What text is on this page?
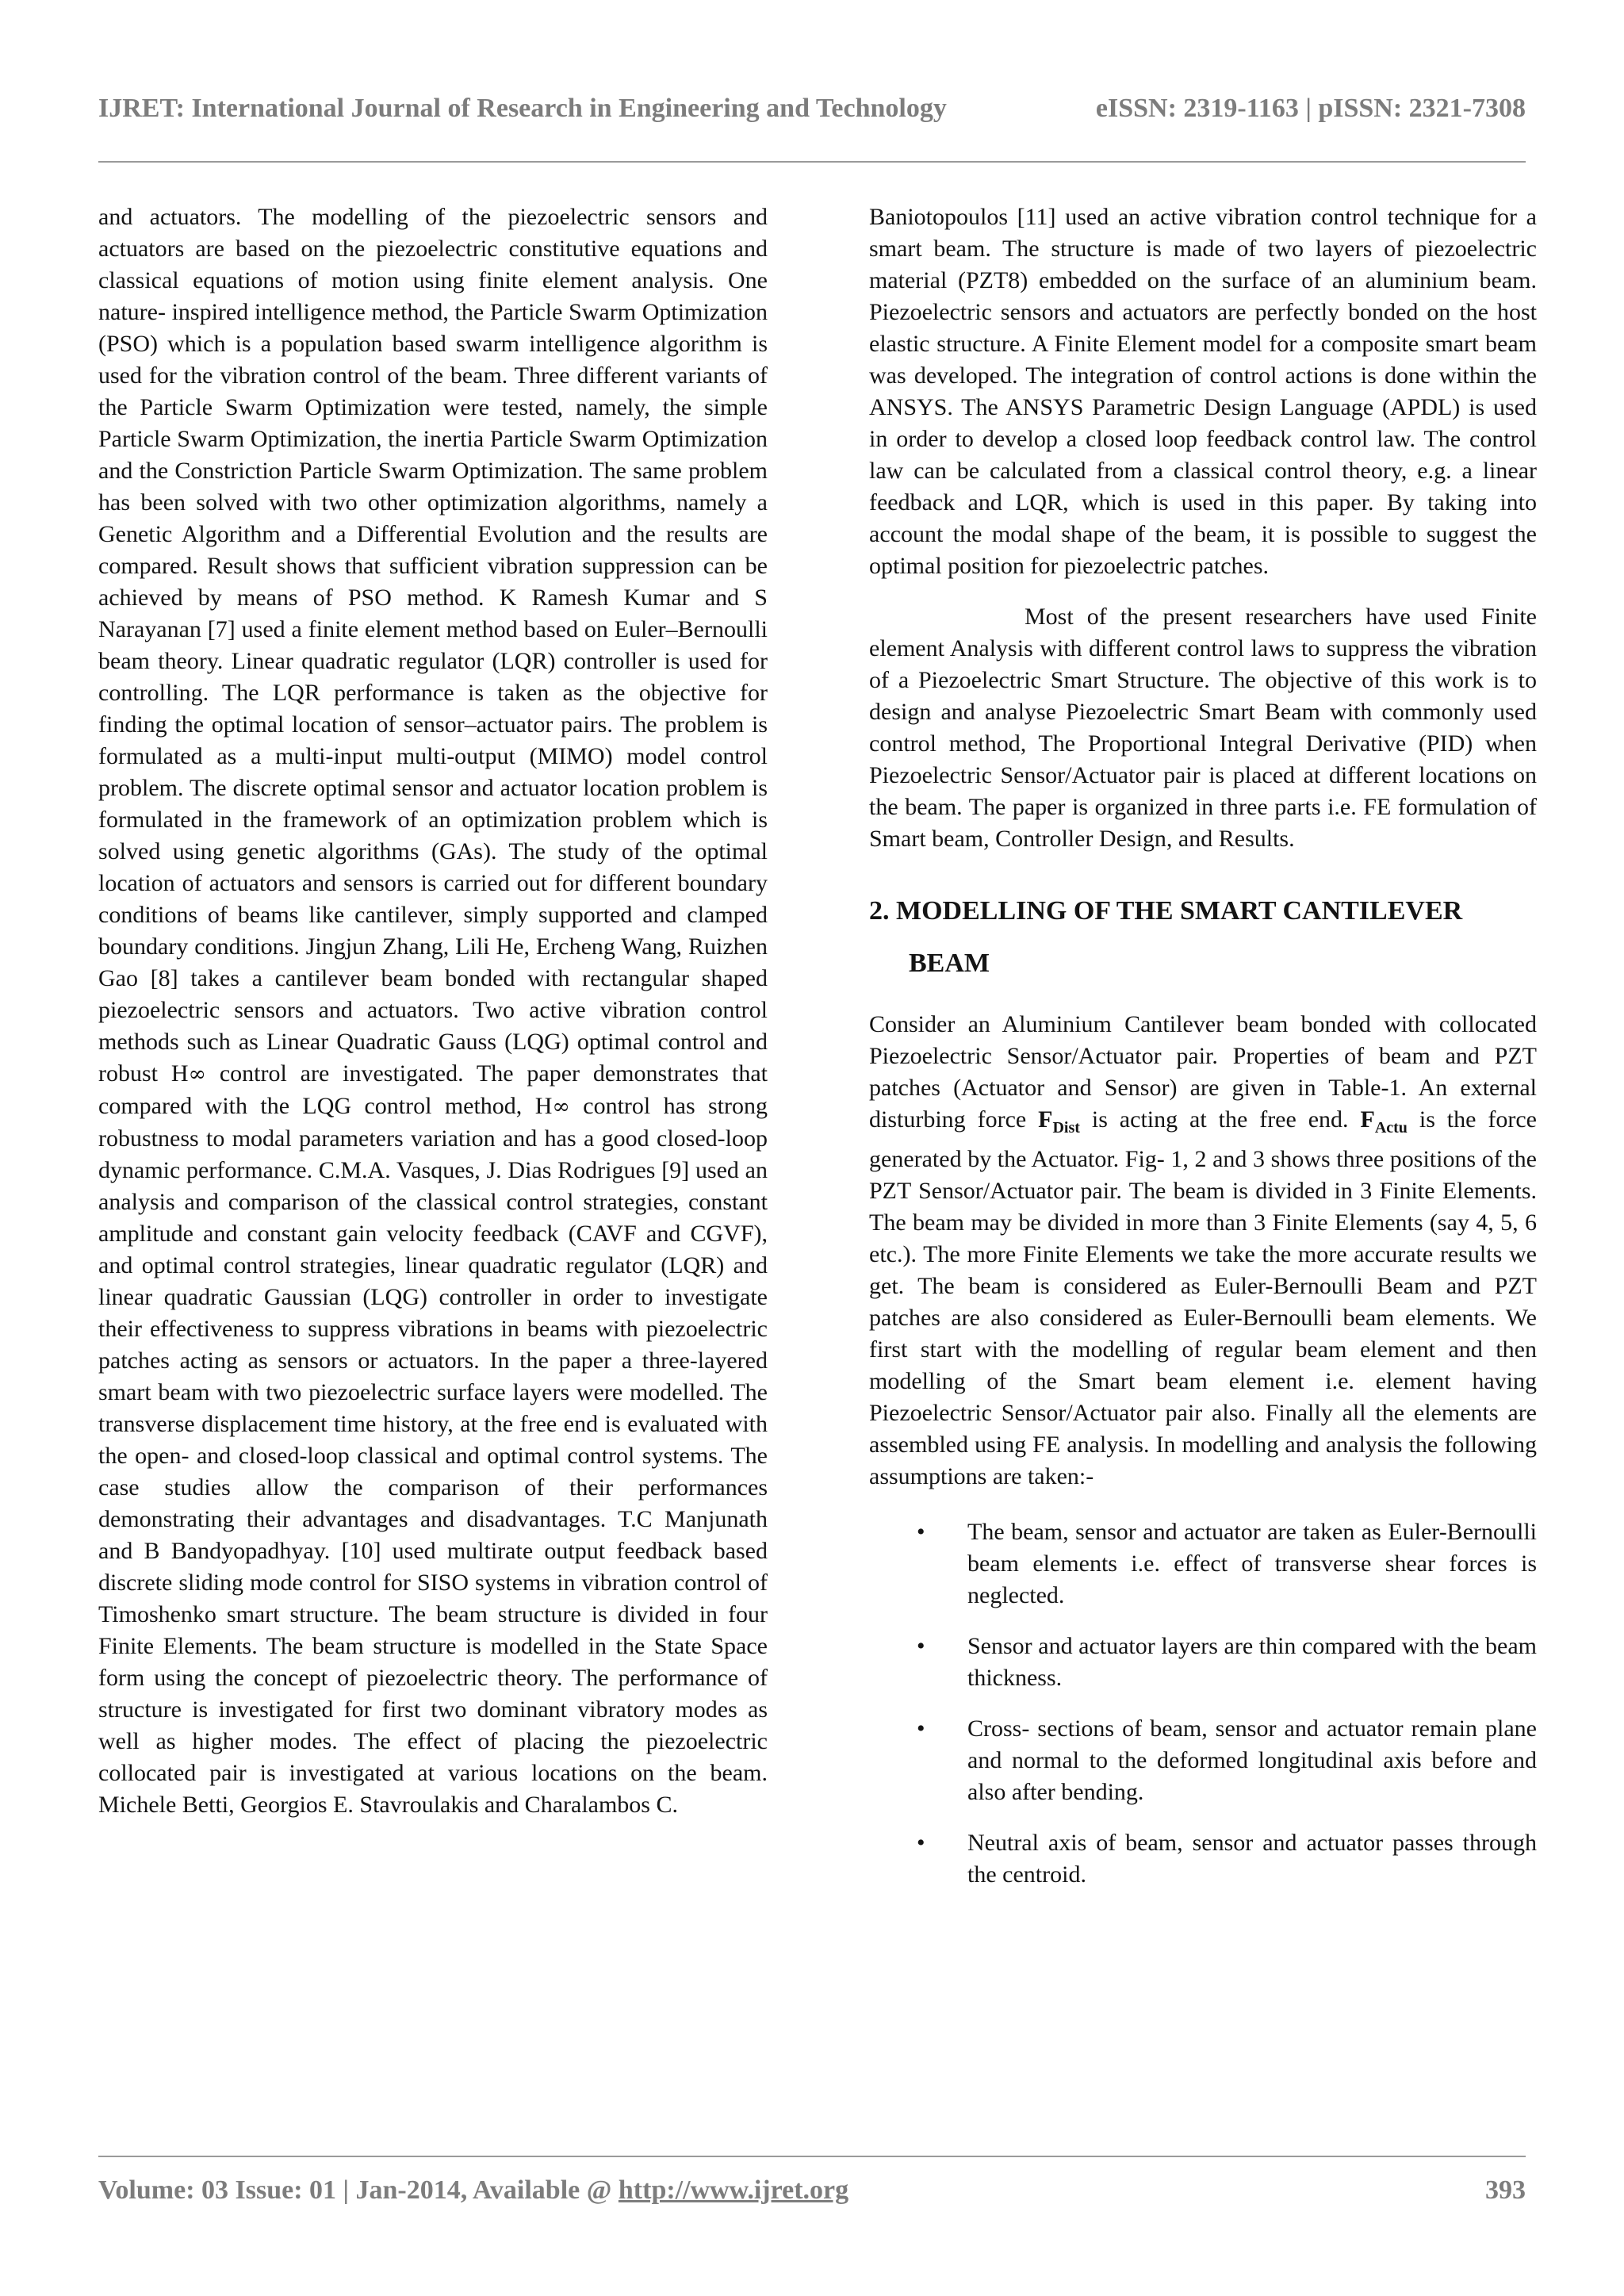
IJRET: International Journal of Research in Engineering and Technology	eISSN: 2319-1163 | pISSN: 2321-7308

and actuators. The modelling of the piezoelectric sensors and actuators are based on the piezoelectric constitutive equations and classical equations of motion using finite element analysis. One nature- inspired intelligence method, the Particle Swarm Optimization (PSO) which is a population based swarm intelligence algorithm is used for the vibration control of the beam. Three different variants of the Particle Swarm Optimization were tested, namely, the simple Particle Swarm Optimization, the inertia Particle Swarm Optimization and the Constriction Particle Swarm Optimization. The same problem has been solved with two other optimization algorithms, namely a Genetic Algorithm and a Differential Evolution and the results are compared. Result shows that sufficient vibration suppression can be achieved by means of PSO method. K Ramesh Kumar and S Narayanan [7] used a finite element method based on Euler–Bernoulli beam theory. Linear quadratic regulator (LQR) controller is used for controlling. The LQR performance is taken as the objective for finding the optimal location of sensor–actuator pairs. The problem is formulated as a multi-input multi-output (MIMO) model control problem. The discrete optimal sensor and actuator location problem is formulated in the framework of an optimization problem which is solved using genetic algorithms (GAs). The study of the optimal location of actuators and sensors is carried out for different boundary conditions of beams like cantilever, simply supported and clamped boundary conditions. Jingjun Zhang, Lili He, Ercheng Wang, Ruizhen Gao [8] takes a cantilever beam bonded with rectangular shaped piezoelectric sensors and actuators. Two active vibration control methods such as Linear Quadratic Gauss (LQG) optimal control and robust H∞ control are investigated. The paper demonstrates that compared with the LQG control method, H∞ control has strong robustness to modal parameters variation and has a good closed-loop dynamic performance. C.M.A. Vasques, J. Dias Rodrigues [9] used an analysis and comparison of the classical control strategies, constant amplitude and constant gain velocity feedback (CAVF and CGVF), and optimal control strategies, linear quadratic regulator (LQR) and linear quadratic Gaussian (LQG) controller in order to investigate their effectiveness to suppress vibrations in beams with piezoelectric patches acting as sensors or actuators. In the paper a three-layered smart beam with two piezoelectric surface layers were modelled. The transverse displacement time history, at the free end is evaluated with the open- and closed-loop classical and optimal control systems. The case studies allow the comparison of their performances demonstrating their advantages and disadvantages. T.C Manjunath and B Bandyopadhyay. [10] used multirate output feedback based discrete sliding mode control for SISO systems in vibration control of Timoshenko smart structure. The beam structure is divided in four Finite Elements. The beam structure is modelled in the State Space form using the concept of piezoelectric theory. The performance of structure is investigated for first two dominant vibratory modes as well as higher modes. The effect of placing the piezoelectric collocated pair is investigated at various locations on the beam. Michele Betti, Georgios E. Stavroulakis and Charalambos C.

Baniotopoulos [11] used an active vibration control technique for a smart beam. The structure is made of two layers of piezoelectric material (PZT8) embedded on the surface of an aluminium beam. Piezoelectric sensors and actuators are perfectly bonded on the host elastic structure. A Finite Element model for a composite smart beam was developed. The integration of control actions is done within the ANSYS. The ANSYS Parametric Design Language (APDL) is used in order to develop a closed loop feedback control law. The control law can be calculated from a classical control theory, e.g. a linear feedback and LQR, which is used in this paper. By taking into account the modal shape of the beam, it is possible to suggest the optimal position for piezoelectric patches.

Most of the present researchers have used Finite element Analysis with different control laws to suppress the vibration of a Piezoelectric Smart Structure. The objective of this work is to design and analyse Piezoelectric Smart Beam with commonly used control method, The Proportional Integral Derivative (PID) when Piezoelectric Sensor/Actuator pair is placed at different locations on the beam. The paper is organized in three parts i.e. FE formulation of Smart beam, Controller Design, and Results.

2. MODELLING OF THE SMART CANTILEVER
BEAM

Consider an Aluminium Cantilever beam bonded with collocated Piezoelectric Sensor/Actuator pair. Properties of beam and PZT patches (Actuator and Sensor) are given in Table-1. An external disturbing force $F_{Dist}$ is acting at the free end. $F_{Actu}$ is the force generated by the Actuator. Fig- 1, 2 and 3 shows three positions of the PZT Sensor/Actuator pair. The beam is divided in 3 Finite Elements. The beam may be divided in more than 3 Finite Elements (say 4, 5, 6 etc.). The more Finite Elements we take the more accurate results we get. The beam is considered as Euler-Bernoulli Beam and PZT patches are also considered as Euler-Bernoulli beam elements. We first start with the modelling of regular beam element and then modelling of the Smart beam element i.e. element having Piezoelectric Sensor/Actuator pair also. Finally all the elements are assembled using FE analysis. In modelling and analysis the following assumptions are taken:-

• The beam, sensor and actuator are taken as Euler-Bernoulli beam elements i.e. effect of transverse shear forces is neglected.
• Sensor and actuator layers are thin compared with the beam thickness.
• Cross- sections of beam, sensor and actuator remain plane and normal to the deformed longitudinal axis before and also after bending.
• Neutral axis of beam, sensor and actuator passes through the centroid.
Volume: 03 Issue: 01 | Jan-2014, Available @ http://www.ijret.org	393
